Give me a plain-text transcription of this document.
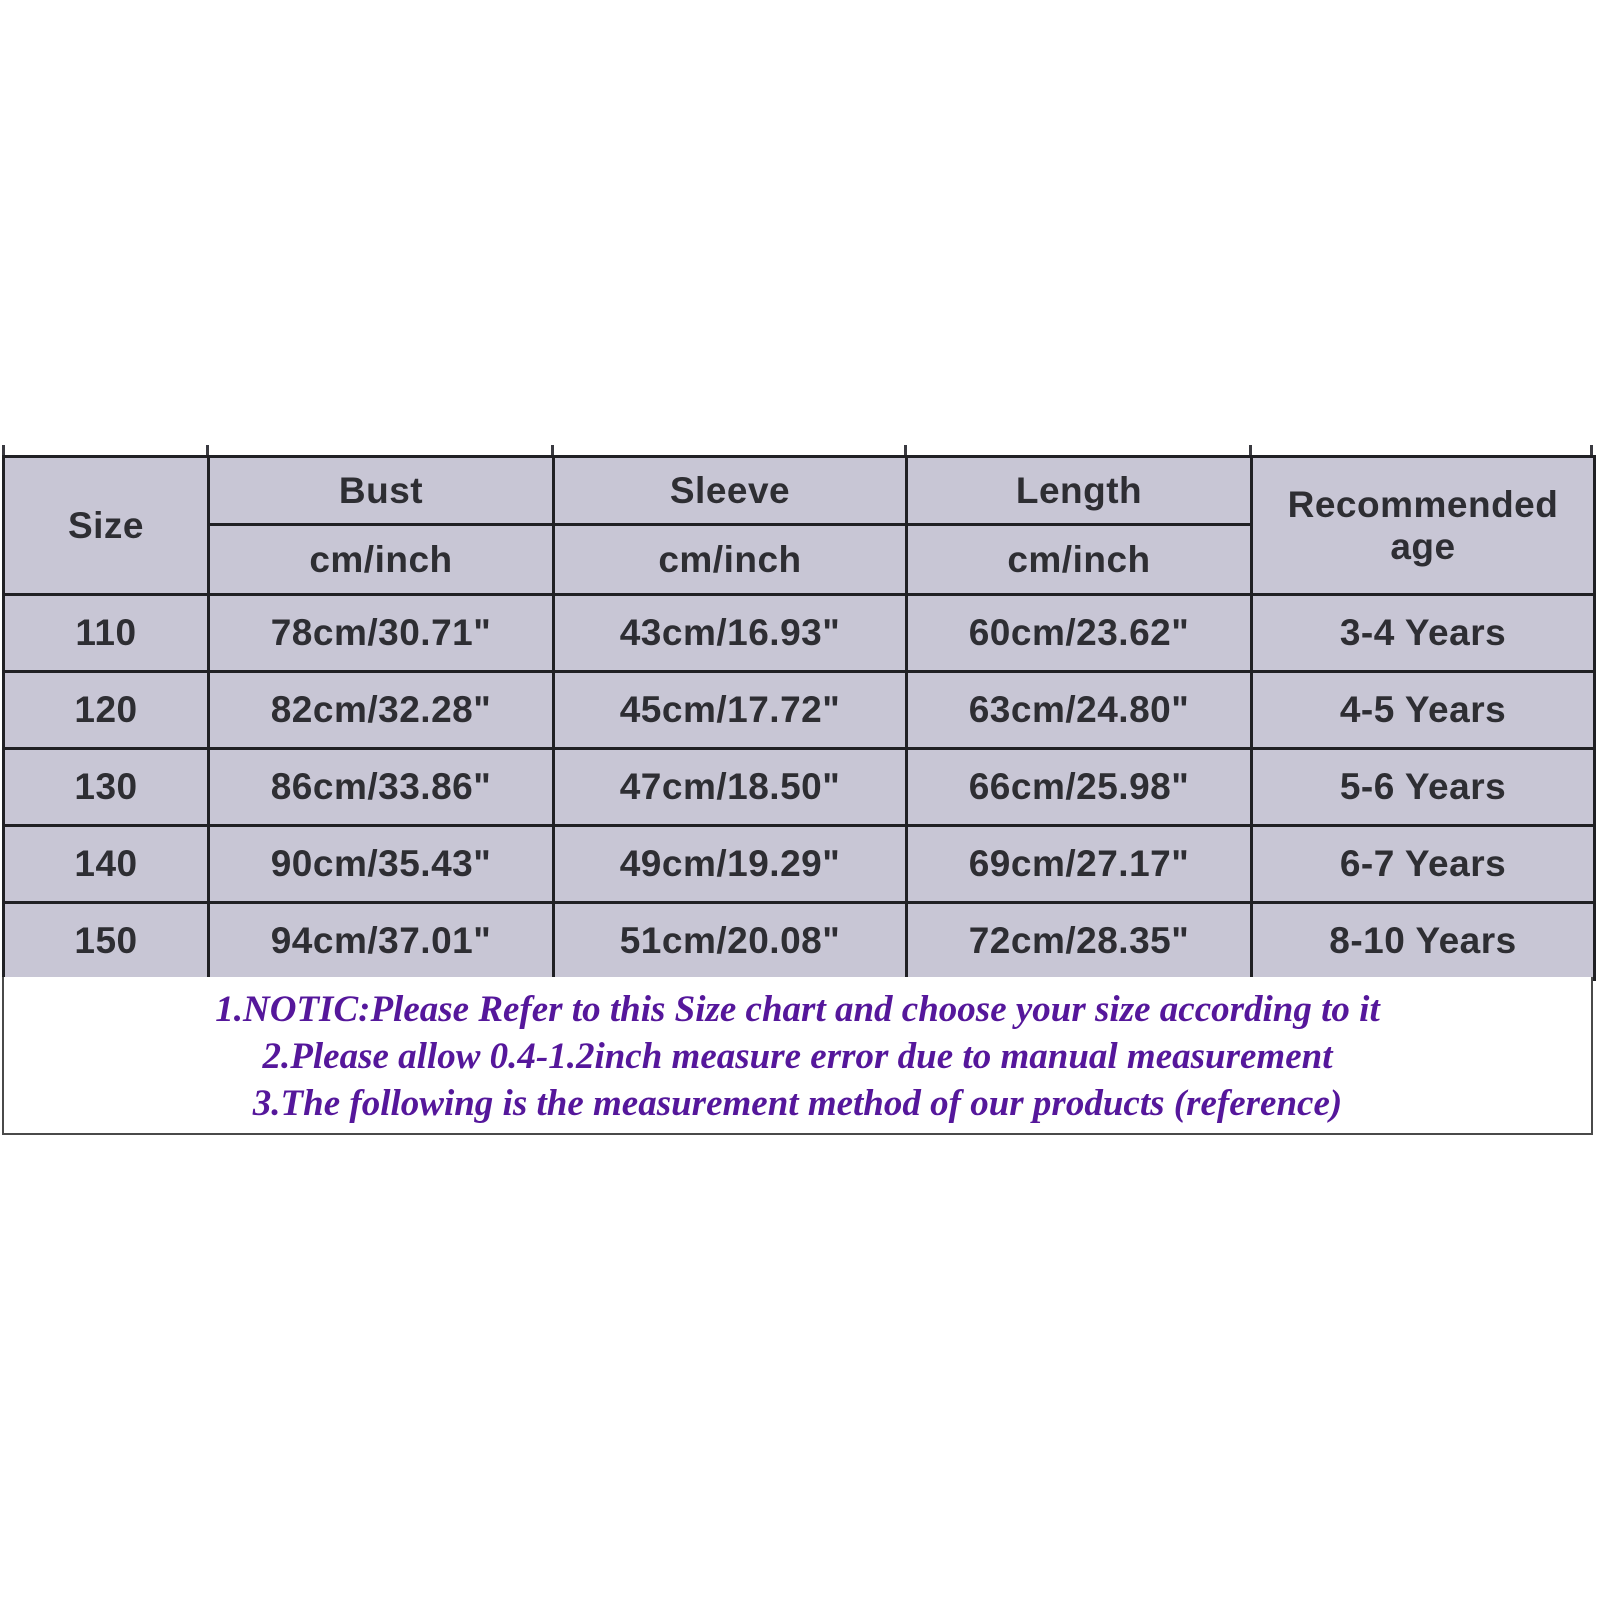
Size	Bust	Sleeve	Length	Recommended age
	cm/inch	cm/inch	cm/inch	
110	78cm/30.71"	43cm/16.93"	60cm/23.62"	3-4 Years
120	82cm/32.28"	45cm/17.72"	63cm/24.80"	4-5 Years
130	86cm/33.86"	47cm/18.50"	66cm/25.98"	5-6 Years
140	90cm/35.43"	49cm/19.29"	69cm/27.17"	6-7 Years
150	94cm/37.01"	51cm/20.08"	72cm/28.35"	8-10 Years
1.NOTIC:Please Refer to this Size chart and choose your size according to it
2.Please allow 0.4-1.2inch measure error due to manual measurement
3.The following is the measurement method of our products (reference)
